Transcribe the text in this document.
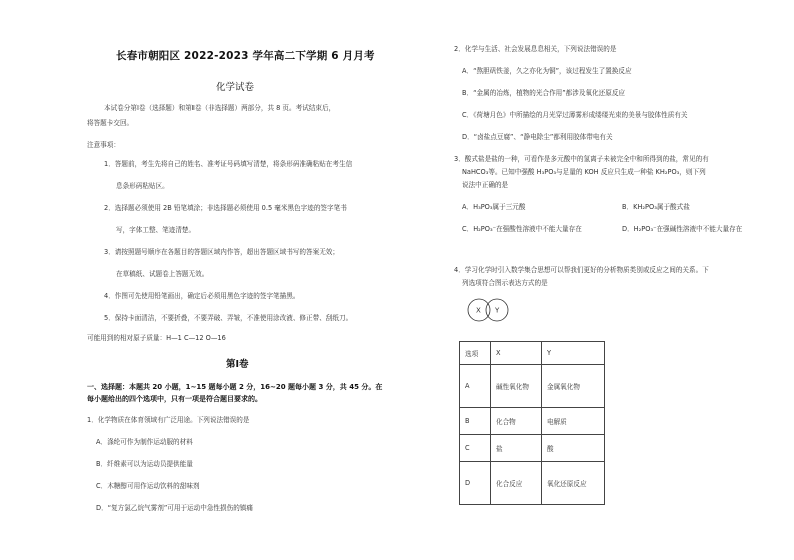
长春市朝阳区 2022-2023 学年高二下学期 6 月月考
化学试卷
本试卷分第Ⅰ卷（选择题）和第Ⅱ卷（非选择题）两部分，共 8 页。考试结束后，
将答题卡交回。
注意事项：
1．答题前，考生先将自己的姓名、准考证号码填写清楚，将条形码准确粘贴在考生信
息条形码粘贴区。
2．选择题必须使用 2B 铅笔填涂；非选择题必须使用 0.5 毫米黑色字迹的签字笔书
写，字体工整、笔迹清楚。
3．请按照题号顺序在各题目的答题区域内作答，超出答题区域书写的答案无效；
在草稿纸、试题卷上答题无效。
4．作图可先使用铅笔画出，确定后必须用黑色字迹的签字笔描黑。
5．保持卡面清洁，不要折叠，不要弄破、弄皱，不准使用涂改液、修正带、刮纸刀。
可能用到的相对原子质量：H—1 C—12 O—16
第Ⅰ卷
一、选择题：本题共 20 小题，1~15 题每小题 2 分，16~20 题每小题 3 分，共 45 分。在
每小题给出的四个选项中，只有一项是符合题目要求的。
1．化学物质在体育领域有广泛用途。下列说法错误的是
A．涤纶可作为制作运动服的材料
B．纤维素可以为运动员提供能量
C．木糖醇可用作运动饮料的甜味剂
D．“复方氯乙烷气雾剂”可用于运动中急性损伤的镇痛
2．化学与生活、社会发展息息相关，下列说法错误的是
A．“熬胆矾铁釜，久之亦化为铜”，该过程发生了置换反应
B．“金属的冶炼，植物的光合作用”都涉及氧化还原反应
C．《荷塘月色》中所描绘的月光穿过薄雾形成缕缕光束的美景与胶体性质有关
D．“卤盐点豆腐”、“静电除尘”都利用胶体带电有关
3．酸式盐是盐的一种，可看作是多元酸中的氢离子未被完全中和所得到的盐，常见的有
NaHCO₃等。已知中强酸 H₃PO₃与足量的 KOH 反应只生成一种盐 KH₂PO₃，则下列
说法中正确的是
A．H₃PO₃属于三元酸	B．KH₂PO₃属于酸式盐
C．H₂PO₃⁻在强酸性溶液中不能大量存在	D．H₂PO₃⁻在强碱性溶液中不能大量存在
4．学习化学时引入数学集合思想可以帮我们更好的分析物质类别或反应之间的关系。下
列选项符合图示表达方式的是
X Y
选项	X	Y
A	碱性氧化物	金属氧化物
B	化合物	电解质
C	盐	酸
D	化合反应	氧化还原反应
